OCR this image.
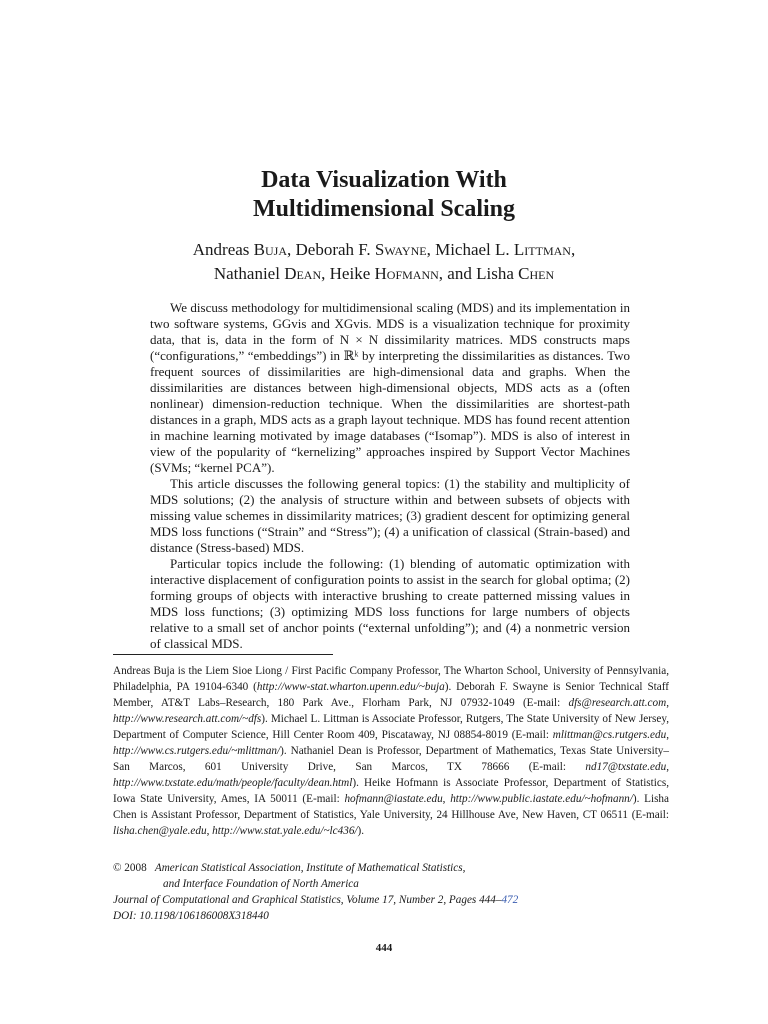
Data Visualization With
Multidimensional Scaling
Andreas Buja, Deborah F. Swayne, Michael L. Littman,
Nathaniel Dean, Heike Hofmann, and Lisha Chen

We discuss methodology for multidimensional scaling (MDS) and its implementation in two software systems, GGvis and XGvis. MDS is a visualization technique for proximity data, that is, data in the form of N × N dissimilarity matrices. MDS constructs maps (“configurations,” “embeddings”) in ℝᵏ by interpreting the dissimilarities as distances. Two frequent sources of dissimilarities are high-dimensional data and graphs. When the dissimilarities are distances between high-dimensional objects, MDS acts as a (often nonlinear) dimension-reduction technique. When the dissimilarities are shortest-path distances in a graph, MDS acts as a graph layout technique. MDS has found recent attention in machine learning motivated by image databases (“Isomap”). MDS is also of interest in view of the popularity of “kernelizing” approaches inspired by Support Vector Machines (SVMs; “kernel PCA”).

This article discusses the following general topics: (1) the stability and multiplicity of MDS solutions; (2) the analysis of structure within and between subsets of objects with missing value schemes in dissimilarity matrices; (3) gradient descent for optimizing general MDS loss functions (“Strain” and “Stress”); (4) a unification of classical (Strain-based) and distance (Stress-based) MDS.

Particular topics include the following: (1) blending of automatic optimization with interactive displacement of configuration points to assist in the search for global optima; (2) forming groups of objects with interactive brushing to create patterned missing values in MDS loss functions; (3) optimizing MDS loss functions for large numbers of objects relative to a small set of anchor points (“external unfolding”); and (4) a nonmetric version of classical MDS.

Andreas Buja is the Liem Sioe Liong / First Pacific Company Professor, The Wharton School, University of Pennsylvania, Philadelphia, PA 19104-6340 (http://www-stat.wharton.upenn.edu/~buja). Deborah F. Swayne is Senior Technical Staff Member, AT&T Labs–Research, 180 Park Ave., Florham Park, NJ 07932-1049 (E-mail: dfs@research.att.com, http://www.research.att.com/~dfs). Michael L. Littman is Associate Professor, Rutgers, The State University of New Jersey, Department of Computer Science, Hill Center Room 409, Piscataway, NJ 08854-8019 (E-mail: mlittman@cs.rutgers.edu, http://www.cs.rutgers.edu/~mlittman/). Nathaniel Dean is Professor, Department of Mathematics, Texas State University–San Marcos, 601 University Drive, San Marcos, TX 78666 (E-mail: nd17@txstate.edu, http://www.txstate.edu/math/people/faculty/dean.html). Heike Hofmann is Associate Professor, Department of Statistics, Iowa State University, Ames, IA 50011 (E-mail: hofmann@iastate.edu, http://www.public.iastate.edu/~hofmann/). Lisha Chen is Assistant Professor, Department of Statistics, Yale University, 24 Hillhouse Ave, New Haven, CT 06511 (E-mail: lisha.chen@yale.edu, http://www.stat.yale.edu/~lc436/).

© 2008 American Statistical Association, Institute of Mathematical Statistics,
and Interface Foundation of North America
Journal of Computational and Graphical Statistics, Volume 17, Number 2, Pages 444–472
DOI: 10.1198/106186008X318440
444
